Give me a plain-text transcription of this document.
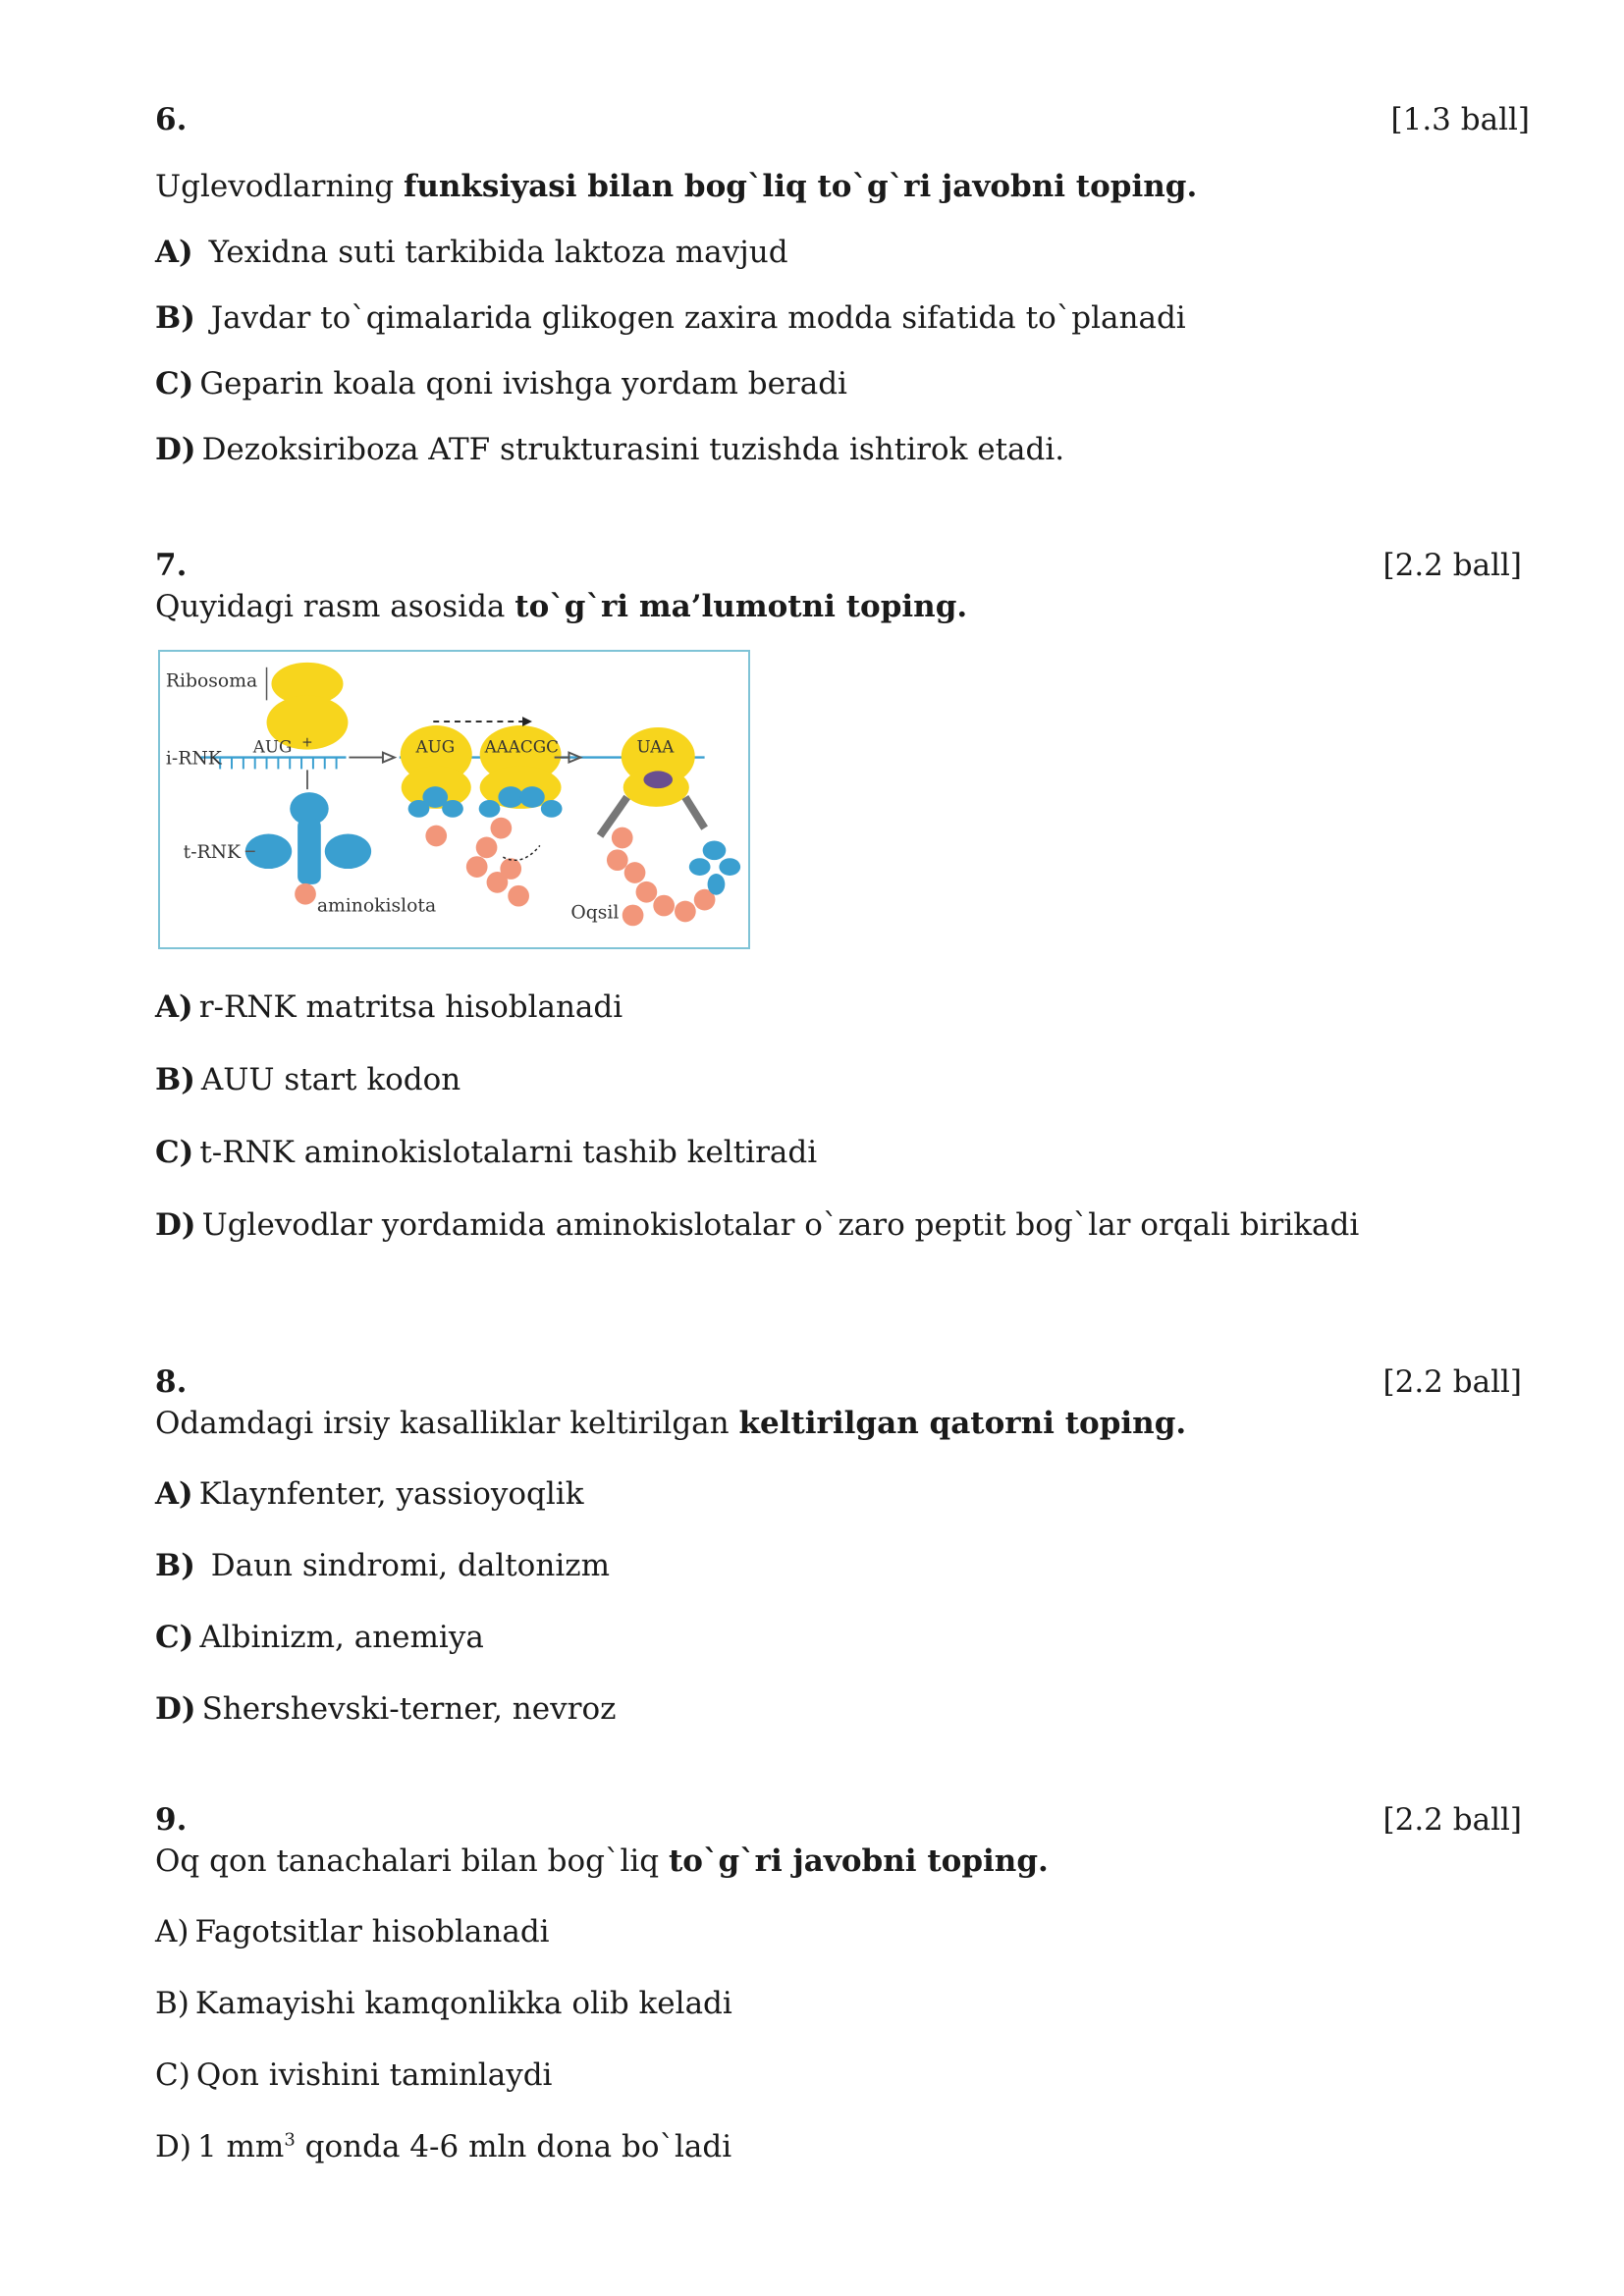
6.	[1.3 ball]
Uglevodlarning funksiyasi bilan bog`liq to`g`ri javobni toping.
A) Yexidna suti tarkibida laktoza mavjud
B) Javdar to`qimalarida glikogen zaxira modda sifatida to`planadi
C) Geparin koala qoni ivishga yordam beradi
D) Dezoksiriboza ATF strukturasini tuzishda ishtirok etadi.
7.	[2.2 ball]
Quyidagi rasm asosida to`g`ri ma’lumotni toping.
Ribosoma
i-RNK
AUG +
t-RNK
aminokislota
AUG AAACGC	UAA
Oqsil
A) r-RNK matritsa hisoblanadi
B) AUU start kodon
C) t-RNK aminokislotalarni tashib keltiradi
D) Uglevodlar yordamida aminokislotalar o`zaro peptit bog`lar orqali birikadi
8.	[2.2 ball]
Odamdagi irsiy kasalliklar keltirilgan keltirilgan qatorni toping.
A) Klaynfenter, yassioyoqlik
B) Daun sindromi, daltonizm
C) Albinizm, anemiya
D) Shershevski-terner, nevroz
9.	[2.2 ball]
Oq qon tanachalari bilan bog`liq to`g`ri javobni toping.
A) Fagotsitlar hisoblanadi
B) Kamayishi kamqonlikka olib keladi
C) Qon ivishini taminlaydi
D) 1 $mm^3$ qonda 4-6 mln dona bo`ladi
